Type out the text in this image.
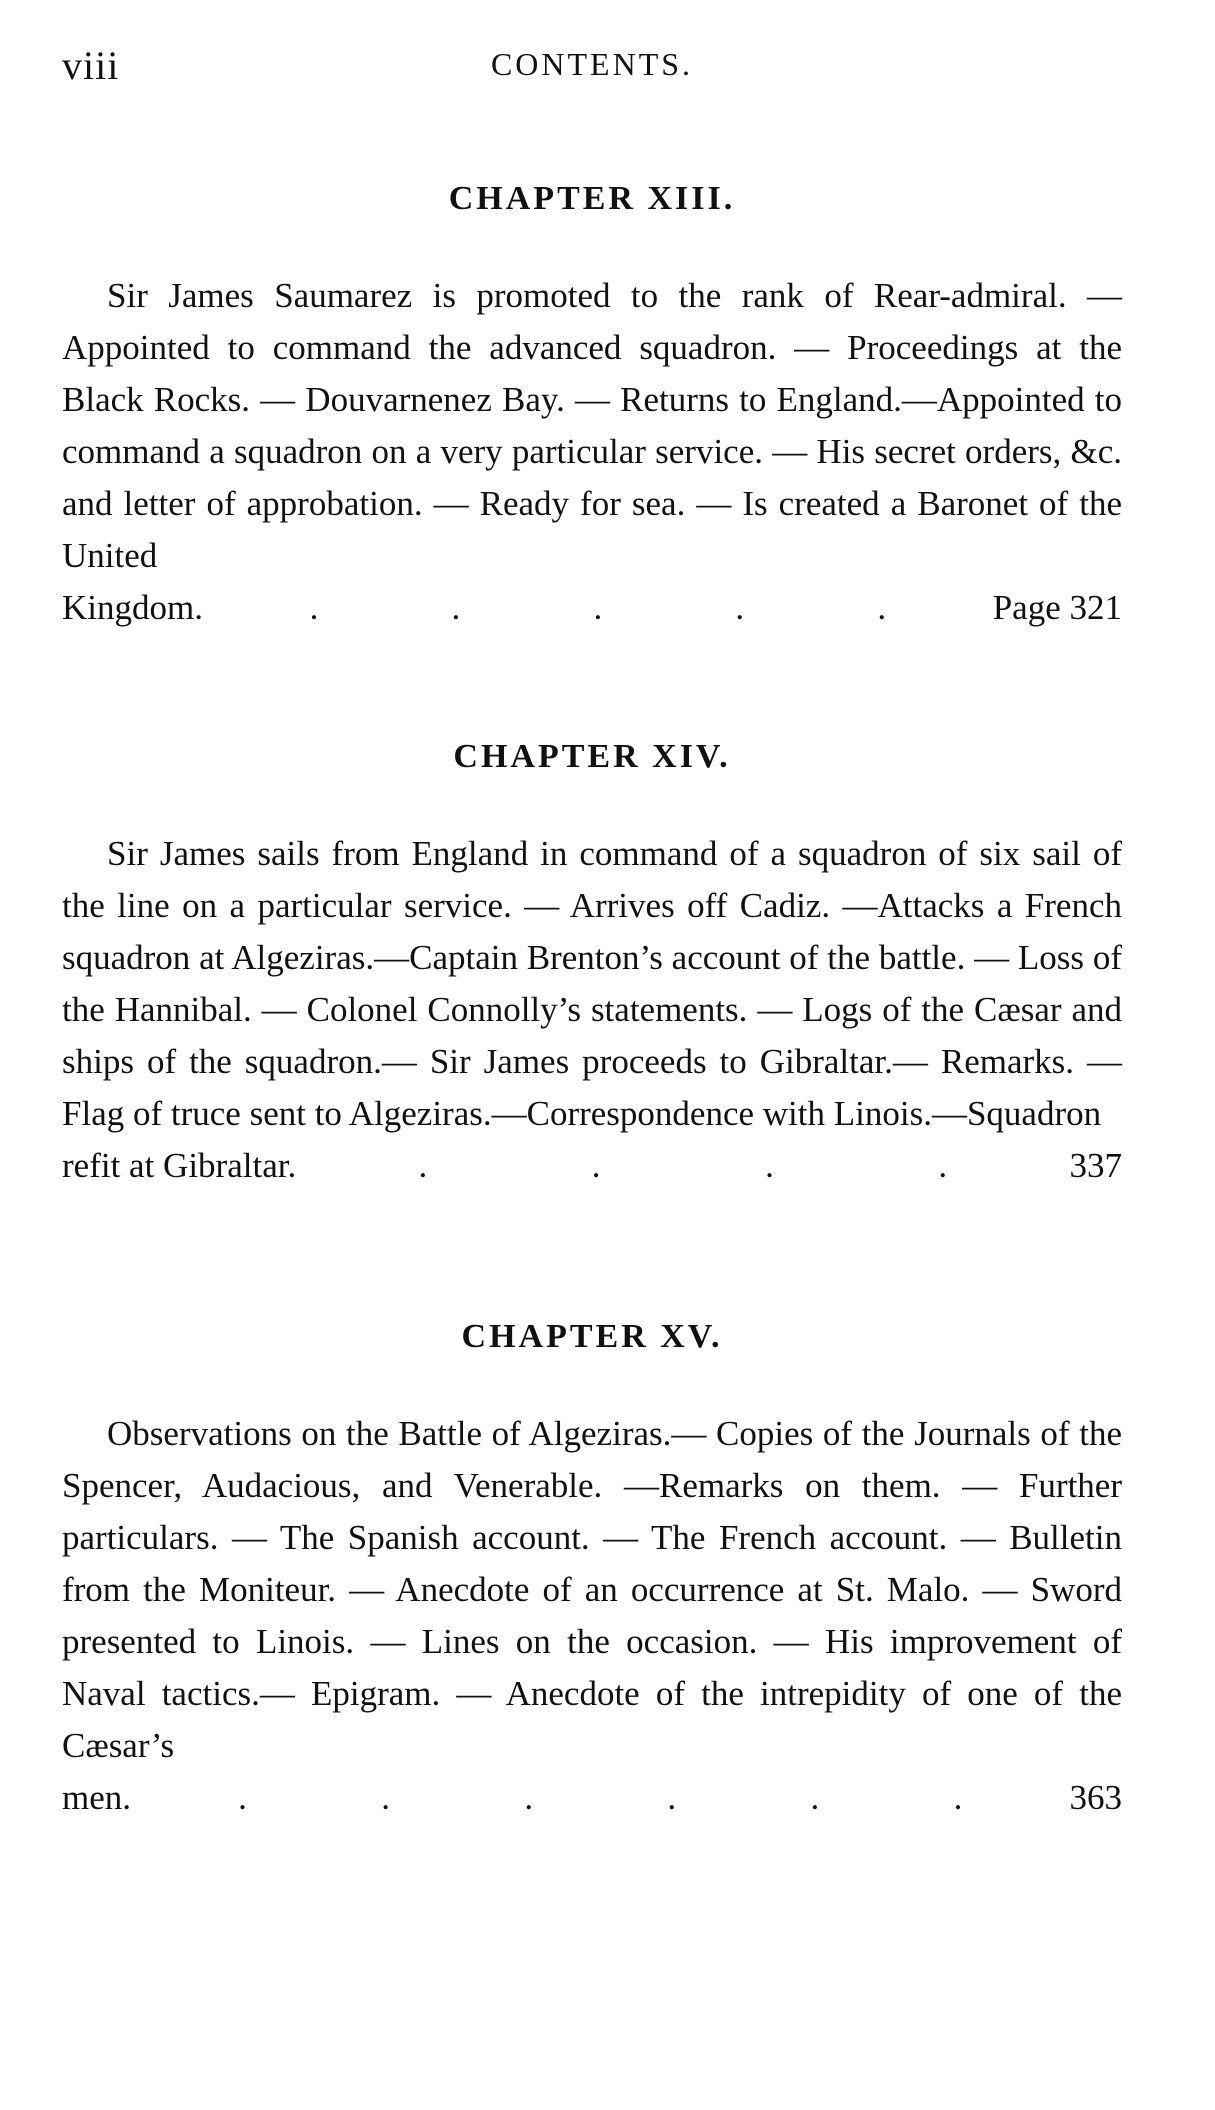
viii	CONTENTS.
CHAPTER XIII.
Sir James Saumarez is promoted to the rank of Rear-admiral. — Appointed to command the advanced squadron. — Proceedings at the Black Rocks. — Douvarnenez Bay. — Returns to England.—Appointed to command a squadron on a very particular service. — His secret orders, &c. and letter of approbation. — Ready for sea. — Is created a Baronet of the United
Kingdom.	.	.	.	.	.	Page 321
CHAPTER XIV.
Sir James sails from England in command of a squadron of six sail of the line on a particular service. — Arrives off Cadiz. —Attacks a French squadron at Algeziras.—Captain Brenton’s account of the battle. — Loss of the Hannibal. — Colonel Connolly’s statements. — Logs of the Cæsar and ships of the squadron.— Sir James proceeds to Gibraltar.— Remarks. — Flag of truce sent to Algeziras.—Correspondence with Linois.—Squadron
refit at Gibraltar.	.	.	.	.	337
CHAPTER XV.
Observations on the Battle of Algeziras.— Copies of the Journals of the Spencer, Audacious, and Venerable. —Remarks on them. — Further particulars. — The Spanish account. — The French account. — Bulletin from the Moniteur. — Anecdote of an occurrence at St. Malo. — Sword presented to Linois. — Lines on the occasion. — His improvement of Naval tactics.— Epigram. — Anecdote of the intrepidity of one of the Cæsar’s
men.	.	.	.	.	.	.	363
